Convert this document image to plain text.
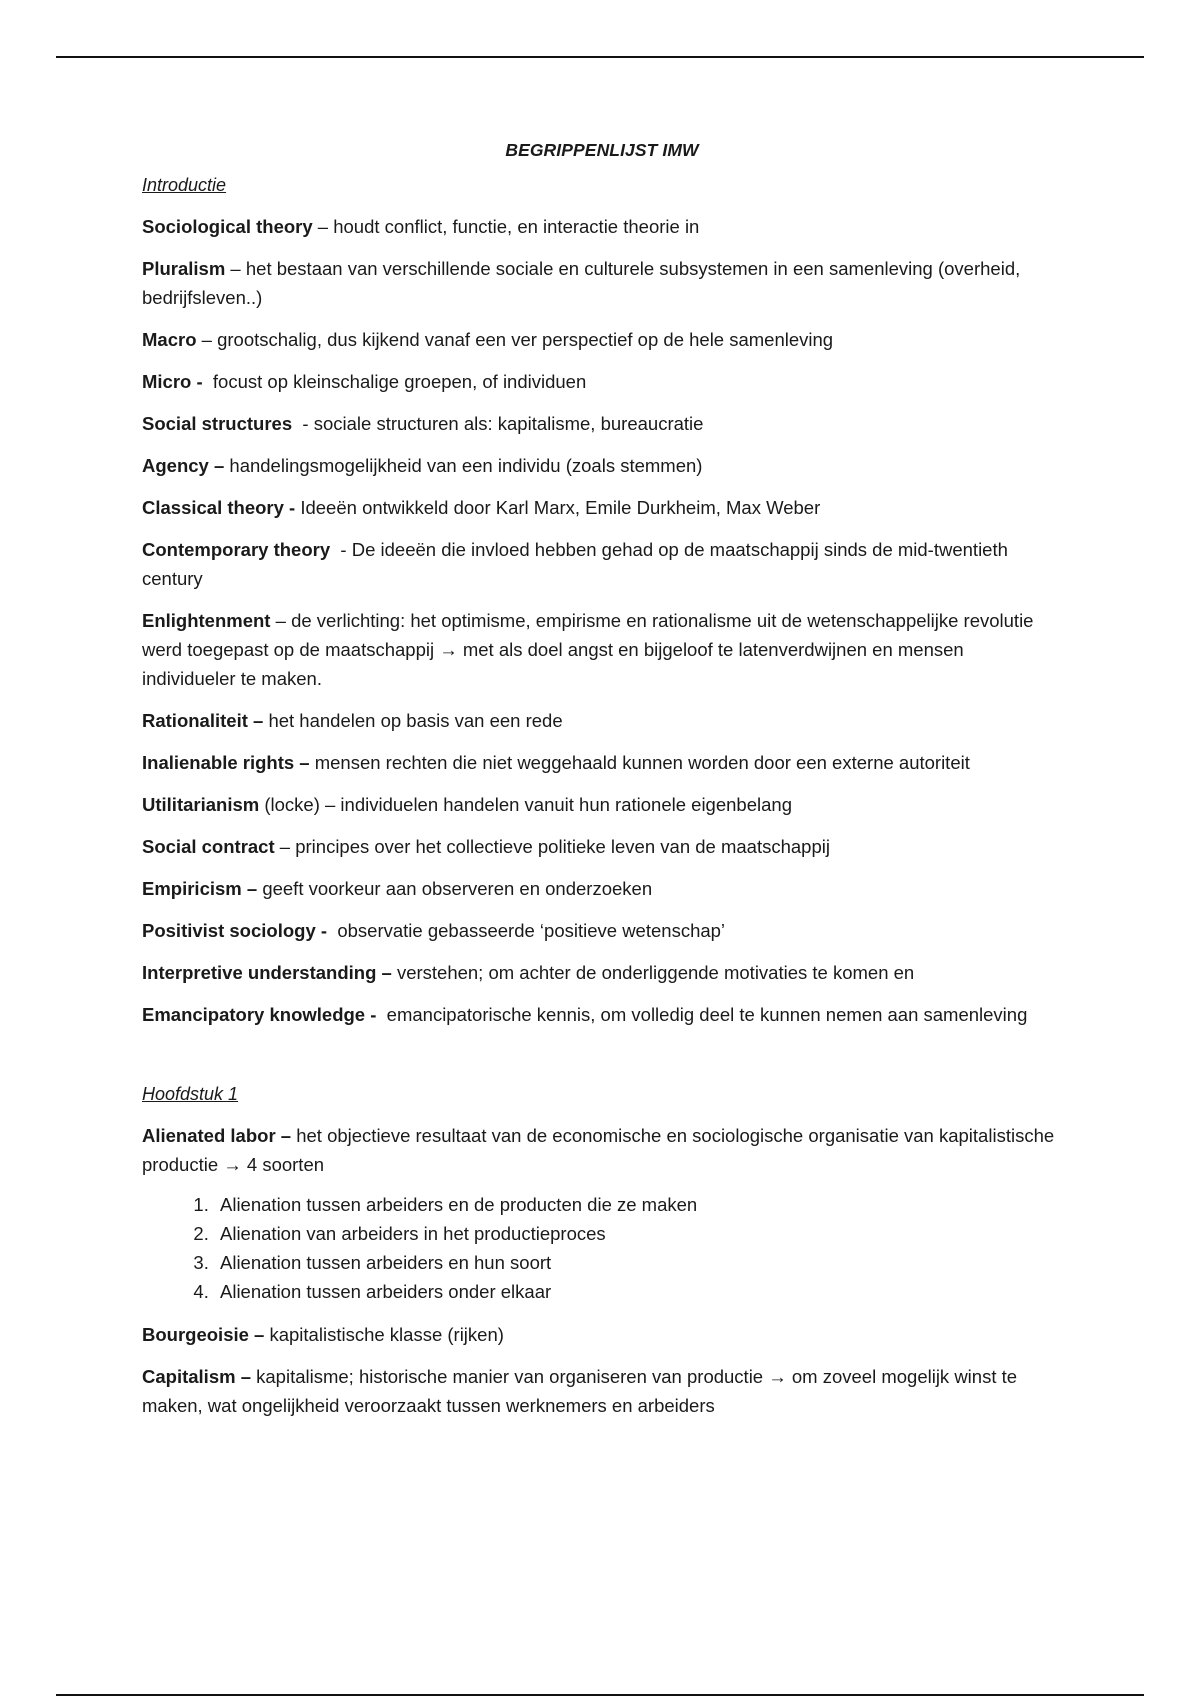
BEGRIPPENLIJST IMW
Introductie

Sociological theory – houdt conflict, functie, en interactie theorie in

Pluralism – het bestaan van verschillende sociale en culturele subsystemen in een samenleving (overheid, bedrijfsleven..)

Macro – grootschalig, dus kijkend vanaf een ver perspectief op de hele samenleving

Micro - focust op kleinschalige groepen, of individuen

Social structures  - sociale structuren als: kapitalisme, bureaucratie

Agency – handelingsmogelijkheid van een individu (zoals stemmen)

Classical theory - Ideeën ontwikkeld door Karl Marx, Emile Durkheim, Max Weber

Contemporary theory  - De ideeën die invloed hebben gehad op de maatschappij sinds de mid-twentieth century

Enlightenment – de verlichting: het optimisme, empirisme en rationalisme uit de wetenschappelijke revolutie werd toegepast op de maatschappij → met als doel angst en bijgeloof te latenverdwijnen en mensen individueler te maken.

Rationaliteit – het handelen op basis van een rede

Inalienable rights – mensen rechten die niet weggehaald kunnen worden door een externe autoriteit

Utilitarianism (locke) – individuelen handelen vanuit hun rationele eigenbelang

Social contract – principes over het collectieve politieke leven van de maatschappij

Empiricism – geeft voorkeur aan observeren en onderzoeken

Positivist sociology - observatie gebasseerde ‘positieve wetenschap’

Interpretive understanding – verstehen; om achter de onderliggende motivaties te komen en

Emancipatory knowledge - emancipatorische kennis, om volledig deel te kunnen nemen aan samenleving

Hoofdstuk 1

Alienated labor – het objectieve resultaat van de economische en sociologische organisatie van kapitalistische productie → 4 soorten

1. Alienation tussen arbeiders en de producten die ze maken
2. Alienation van arbeiders in het productieproces
3. Alienation tussen arbeiders en hun soort
4. Alienation tussen arbeiders onder elkaar

Bourgeoisie – kapitalistische klasse (rijken)

Capitalism – kapitalisme; historische manier van organiseren van productie → om zoveel mogelijk winst te maken, wat ongelijkheid veroorzaakt tussen werknemers en arbeiders
